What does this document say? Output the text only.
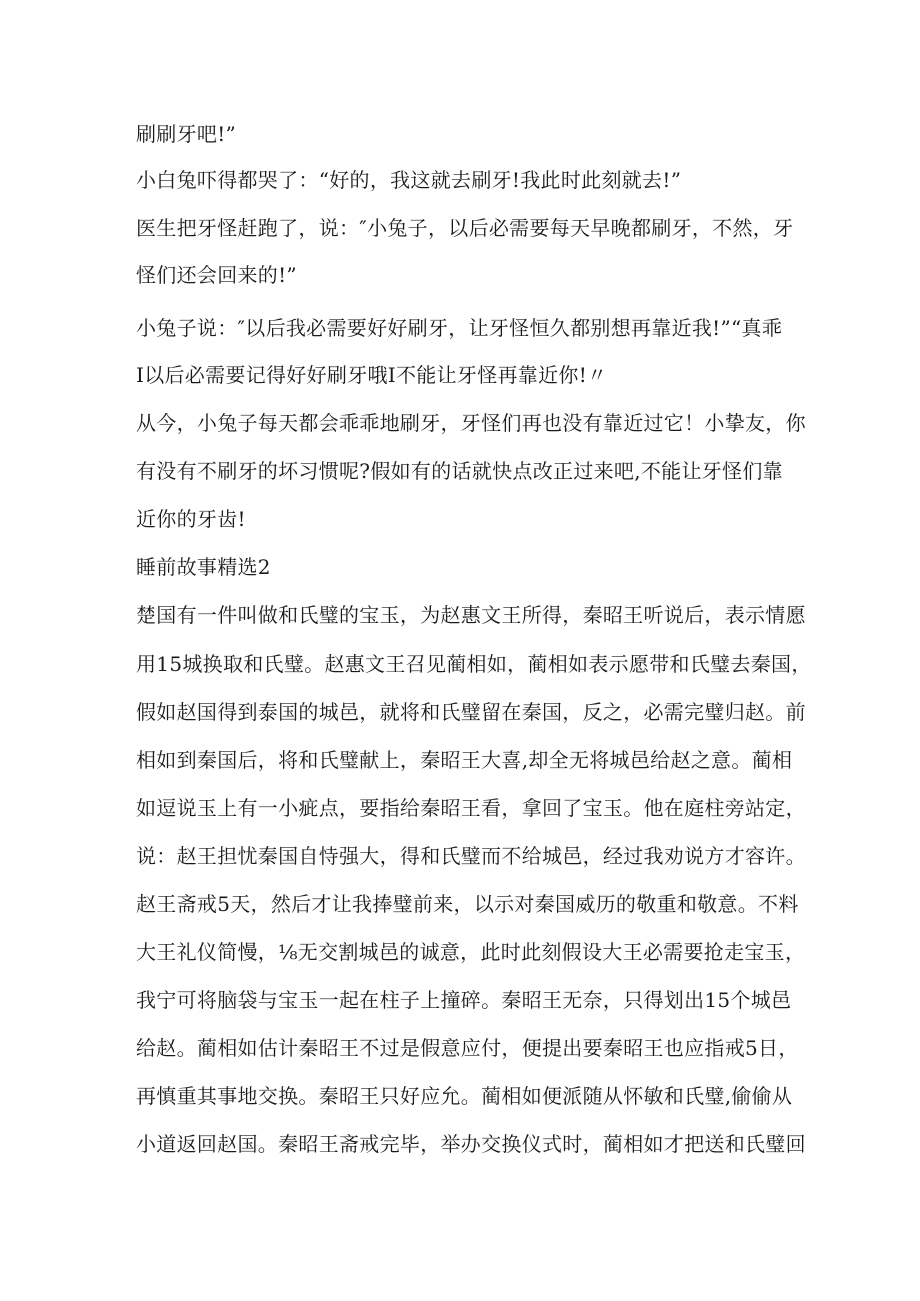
刷刷牙吧!”

小白兔吓得都哭了：“好的，我这就去刷牙!我此时此刻就去!”

医生把牙怪赶跑了，说：″小兔子，以后必需要每天早晚都刷牙，不然，牙

怪们还会回来的!”

小兔子说：″以后我必需要好好刷牙，让牙怪恒久都别想再靠近我!”“真乖

I以后必需要记得好好刷牙哦I不能让牙怪再靠近你!〃

从今，小兔子每天都会乖乖地刷牙，牙怪们再也没有靠近过它！小挚友，你

有没有不刷牙的坏习惯呢?假如有的话就快点改正过来吧,不能让牙怪们靠

近你的牙齿!

睡前故事精选2

楚国有一件叫做和氏璧的宝玉，为赵惠文王所得，秦昭王听说后，表示情愿

用15城换取和氏璧。赵惠文王召见蔺相如，蔺相如表示愿带和氏璧去秦国，

假如赵国得到泰国的城邑，就将和氏璧留在秦国，反之，必需完璧归赵。前

相如到秦国后，将和氏璧献上，秦昭王大喜,却全无将城邑给赵之意。蔺相

如逗说玉上有一小疵点，要指给秦昭王看，拿回了宝玉。他在庭柱旁站定，

说：赵王担忧秦国自恃强大，得和氏璧而不给城邑，经过我劝说方才容许。

赵王斋戒5天，然后才让我捧璧前来，以示对秦国威历的敬重和敬意。不料

大王礼仪简慢，⅛无交割城邑的诚意，此时此刻假设大王必需要抢走宝玉，

我宁可将脑袋与宝玉一起在柱子上撞碎。秦昭王无奈，只得划出15个城邑

给赵。蔺相如估计秦昭王不过是假意应付，便提出要秦昭王也应指戒5日，

再慎重其事地交换。秦昭王只好应允。蔺相如便派随从怀敏和氏璧,偷偷从

小道返回赵国。秦昭王斋戒完毕，举办交换仪式时，蔺相如才把送和氏璧回
